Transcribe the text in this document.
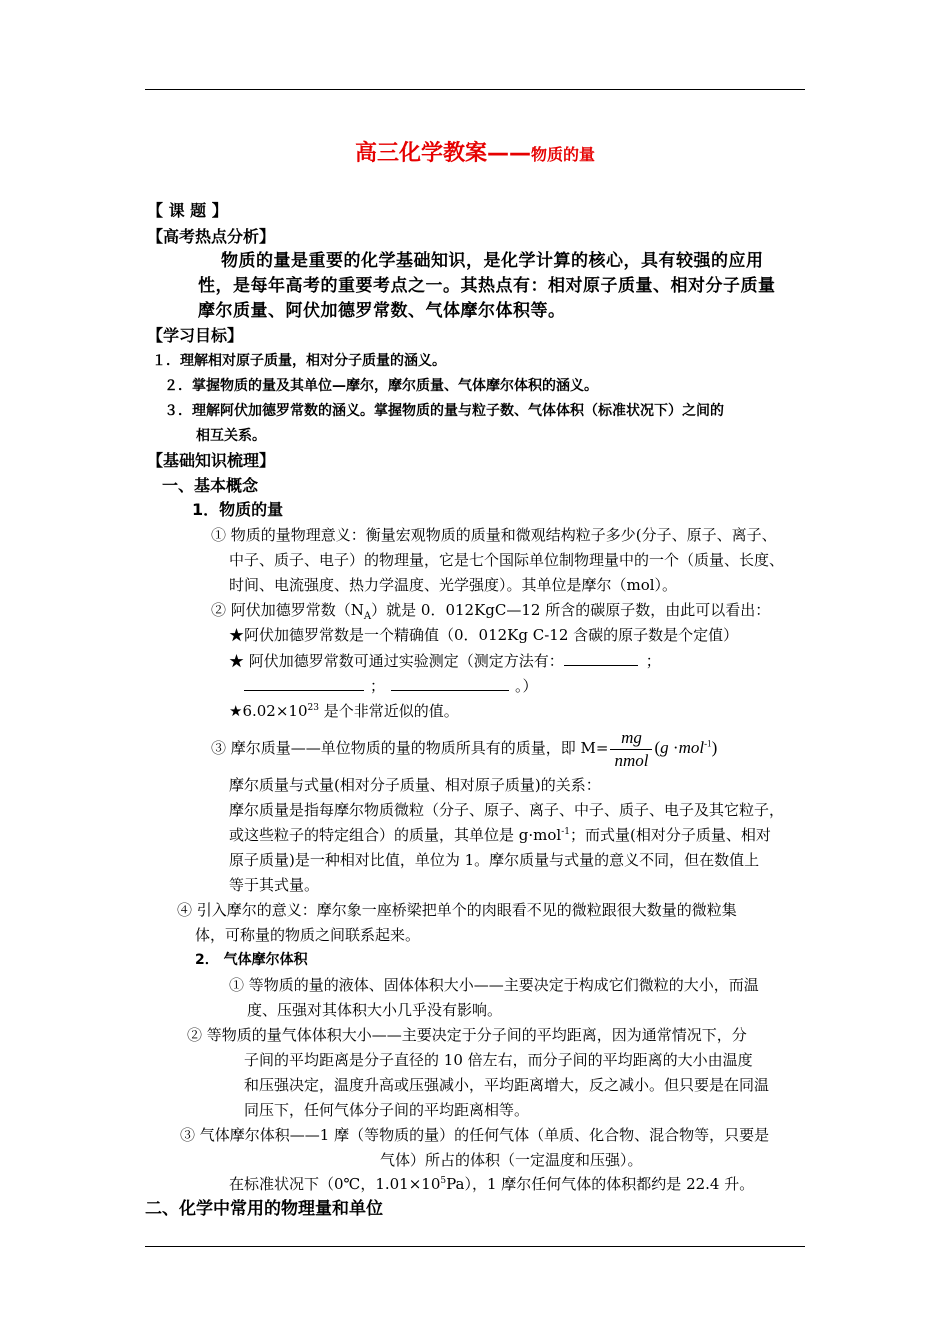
高三化学教案——物质的量
【 课 题 】
【高考热点分析】
物质的量是重要的化学基础知识，是化学计算的核心，具有较强的应用
性，是每年高考的重要考点之一。其热点有：相对原子质量、相对分子质量
摩尔质量、阿伏加德罗常数、气体摩尔体积等。
【学习目标】
１．理解相对原子质量，相对分子质量的涵义。
２．掌握物质的量及其单位—摩尔，摩尔质量、气体摩尔体积的涵义。
３．理解阿伏加德罗常数的涵义。掌握物质的量与粒子数、气体体积（标准状况下）之间的
相互关系。
【基础知识梳理】
一、基本概念
1．物质的量
① 物质的量物理意义：衡量宏观物质的质量和微观结构粒子多少(分子、原子、离子、
中子、质子、电子）的物理量，它是七个国际单位制物理量中的一个（质量、长度、
时间、电流强度、热力学温度、光学强度）。其单位是摩尔（mol）。
② 阿伏加德罗常数$(N_A)$就是 0．012KgC—12 所含的碳原子数，由此可以看出：
★阿伏加德罗常数是一个精确值（0．012Kg C-12 含碳的原子数是个定值）
★ 阿伏加德罗常数可通过实验测定（测定方法有：	；
；	。）
$★6.02\times 10^{23}$ 是个非常近似的值。
③ 摩尔质量——单位物质的量的物质所具有的质量，即 $M= \frac{mg}{\text{nmol}} (g \cdot mol^{-1})$
摩尔质量与式量(相对分子质量、相对原子质量)的关系：
摩尔质量是指每摩尔物质微粒（分子、原子、离子、中子、质子、电子及其它粒子，
或这些粒子的特定组合）的质量，其单位是 g·mol$^{-1}$；而式量(相对分子质量、相对
原子质量)是一种相对比值，单位为 1。摩尔质量与式量的意义不同，但在数值上
等于其式量。
④ 引入摩尔的意义：摩尔象一座桥梁把单个的肉眼看不见的微粒跟很大数量的微粒集
体，可称量的物质之间联系起来。
2． 气体摩尔体积
① 等物质的量的液体、固体体积大小——主要决定于构成它们微粒的大小，而温
度、压强对其体积大小几乎没有影响。
② 等物质的量气体体积大小——主要决定于分子间的平均距离，因为通常情况下，分
子间的平均距离是分子直径的 10 倍左右，而分子间的平均距离的大小由温度
和压强决定，温度升高或压强减小，平均距离增大，反之减小。但只要是在同温
同压下，任何气体分子间的平均距离相等。
③ 气体摩尔体积——1 摩（等物质的量）的任何气体（单质、化合物、混合物等，只要是
气体）所占的体积（一定温度和压强）。
在标准状况下（0℃，$1.01\times 10^5Pa$），1 摩尔任何气体的体积都约是 22.4 升。
二、化学中常用的物理量和单位
